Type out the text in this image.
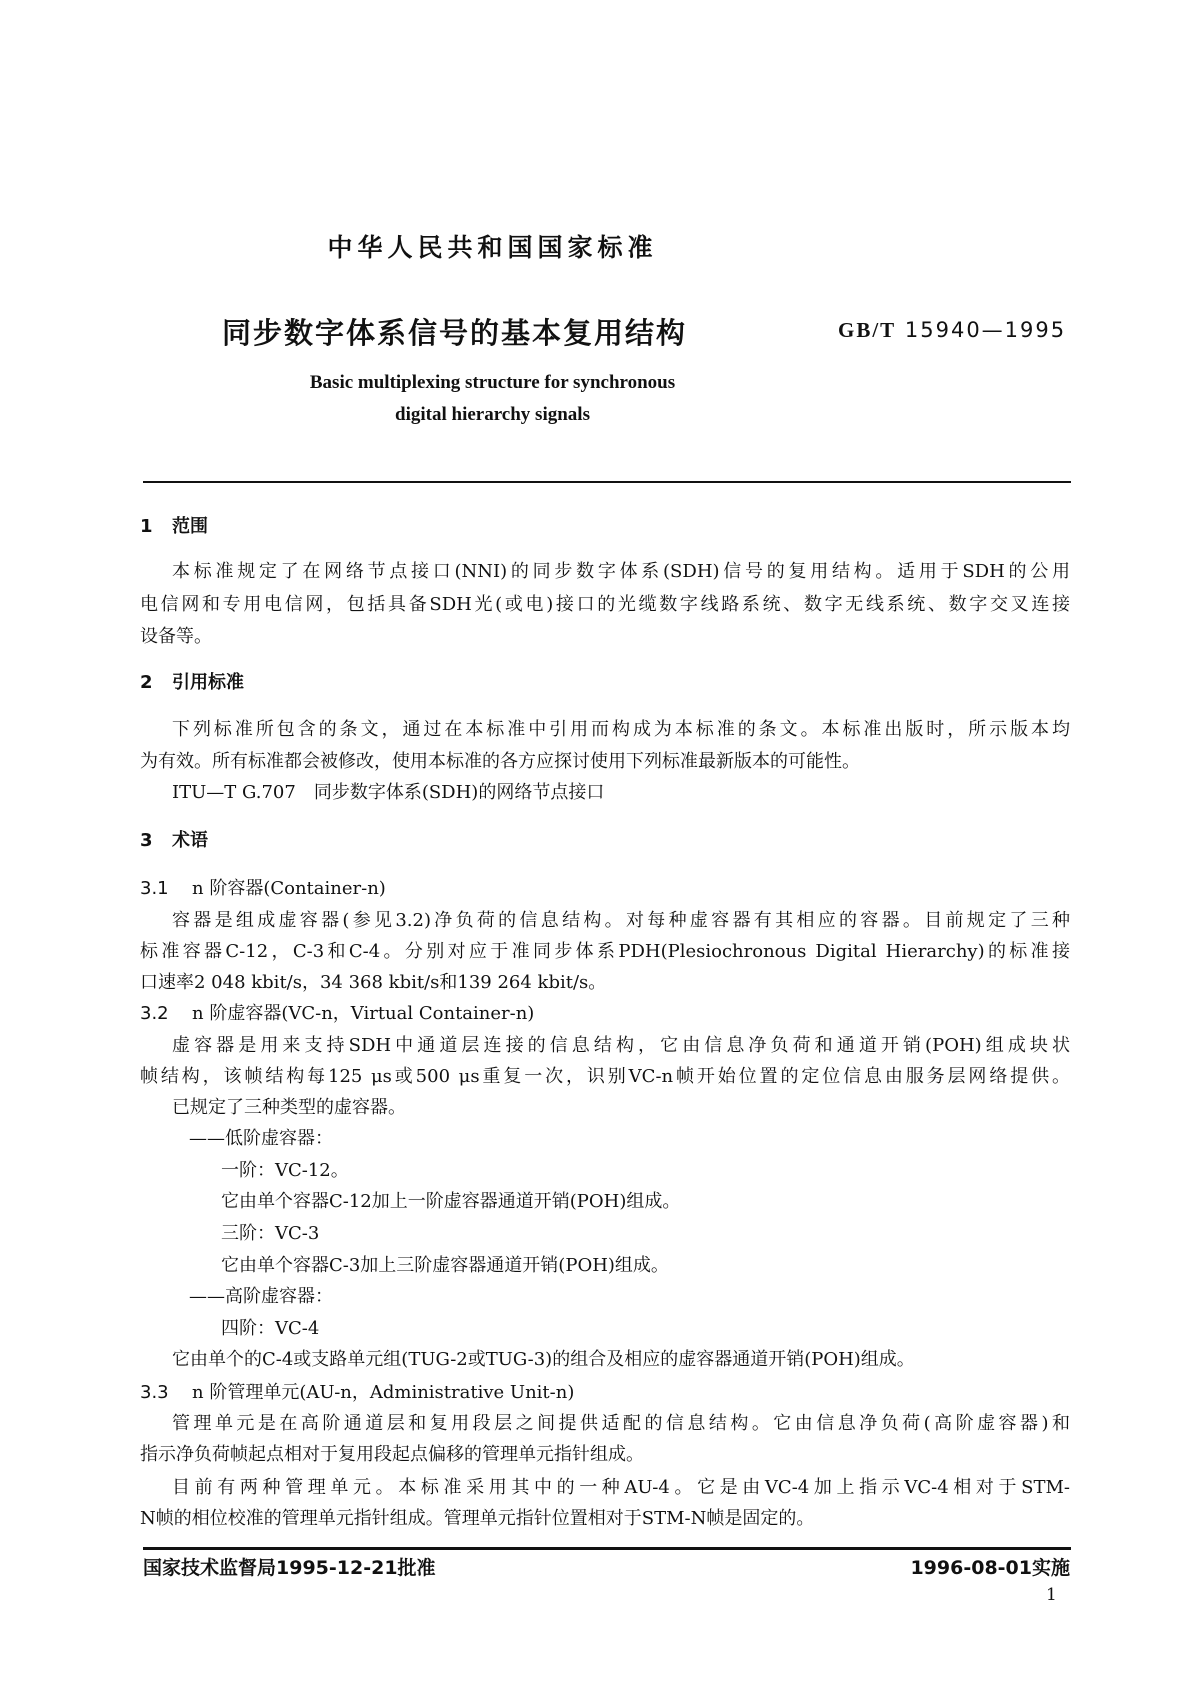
中华人民共和国国家标准
同步数字体系信号的基本复用结构	GB/T 15940—1995
Basic multiplexing structure for synchronous
digital hierarchy signals
1 范围
本标准规定了在网络节点接口(NNI)的同步数字体系(SDH)信号的复用结构。适用于SDH的公用
电信网和专用电信网，包括具备SDH光(或电)接口的光缆数字线路系统、数字无线系统、数字交叉连接
设备等。
2 引用标准
下列标准所包含的条文，通过在本标准中引用而构成为本标准的条文。本标准出版时，所示版本均
为有效。所有标准都会被修改，使用本标准的各方应探讨使用下列标准最新版本的可能性。
ITU—T G.707　同步数字体系(SDH)的网络节点接口
3 术语
3.1 n 阶容器(Container-n)
容器是组成虚容器(参见3.2)净负荷的信息结构。对每种虚容器有其相应的容器。目前规定了三种
标准容器C-12，C-3和C-4。分别对应于准同步体系PDH(Plesiochronous Digital Hierarchy)的标准接
口速率2 048 kbit/s，34 368 kbit/s和139 264 kbit/s。
3.2 n 阶虚容器(VC-n，Virtual Container-n)
虚容器是用来支持SDH中通道层连接的信息结构，它由信息净负荷和通道开销(POH)组成块状
帧结构，该帧结构每125 μs或500 μs重复一次，识别VC-n帧开始位置的定位信息由服务层网络提供。
已规定了三种类型的虚容器。
——低阶虚容器：
一阶：VC-12。
它由单个容器C-12加上一阶虚容器通道开销(POH)组成。
三阶：VC-3
它由单个容器C-3加上三阶虚容器通道开销(POH)组成。
——高阶虚容器：
四阶：VC-4
它由单个的C-4或支路单元组(TUG-2或TUG-3)的组合及相应的虚容器通道开销(POH)组成。
3.3 n 阶管理单元(AU-n，Administrative Unit-n)
管理单元是在高阶通道层和复用段层之间提供适配的信息结构。它由信息净负荷(高阶虚容器)和
指示净负荷帧起点相对于复用段起点偏移的管理单元指针组成。
目前有两种管理单元。本标准采用其中的一种AU-4。它是由VC-4加上指示VC-4相对于STM-
N帧的相位校准的管理单元指针组成。管理单元指针位置相对于STM-N帧是固定的。
国家技术监督局1995-12-21批准	1996-08-01实施
1
